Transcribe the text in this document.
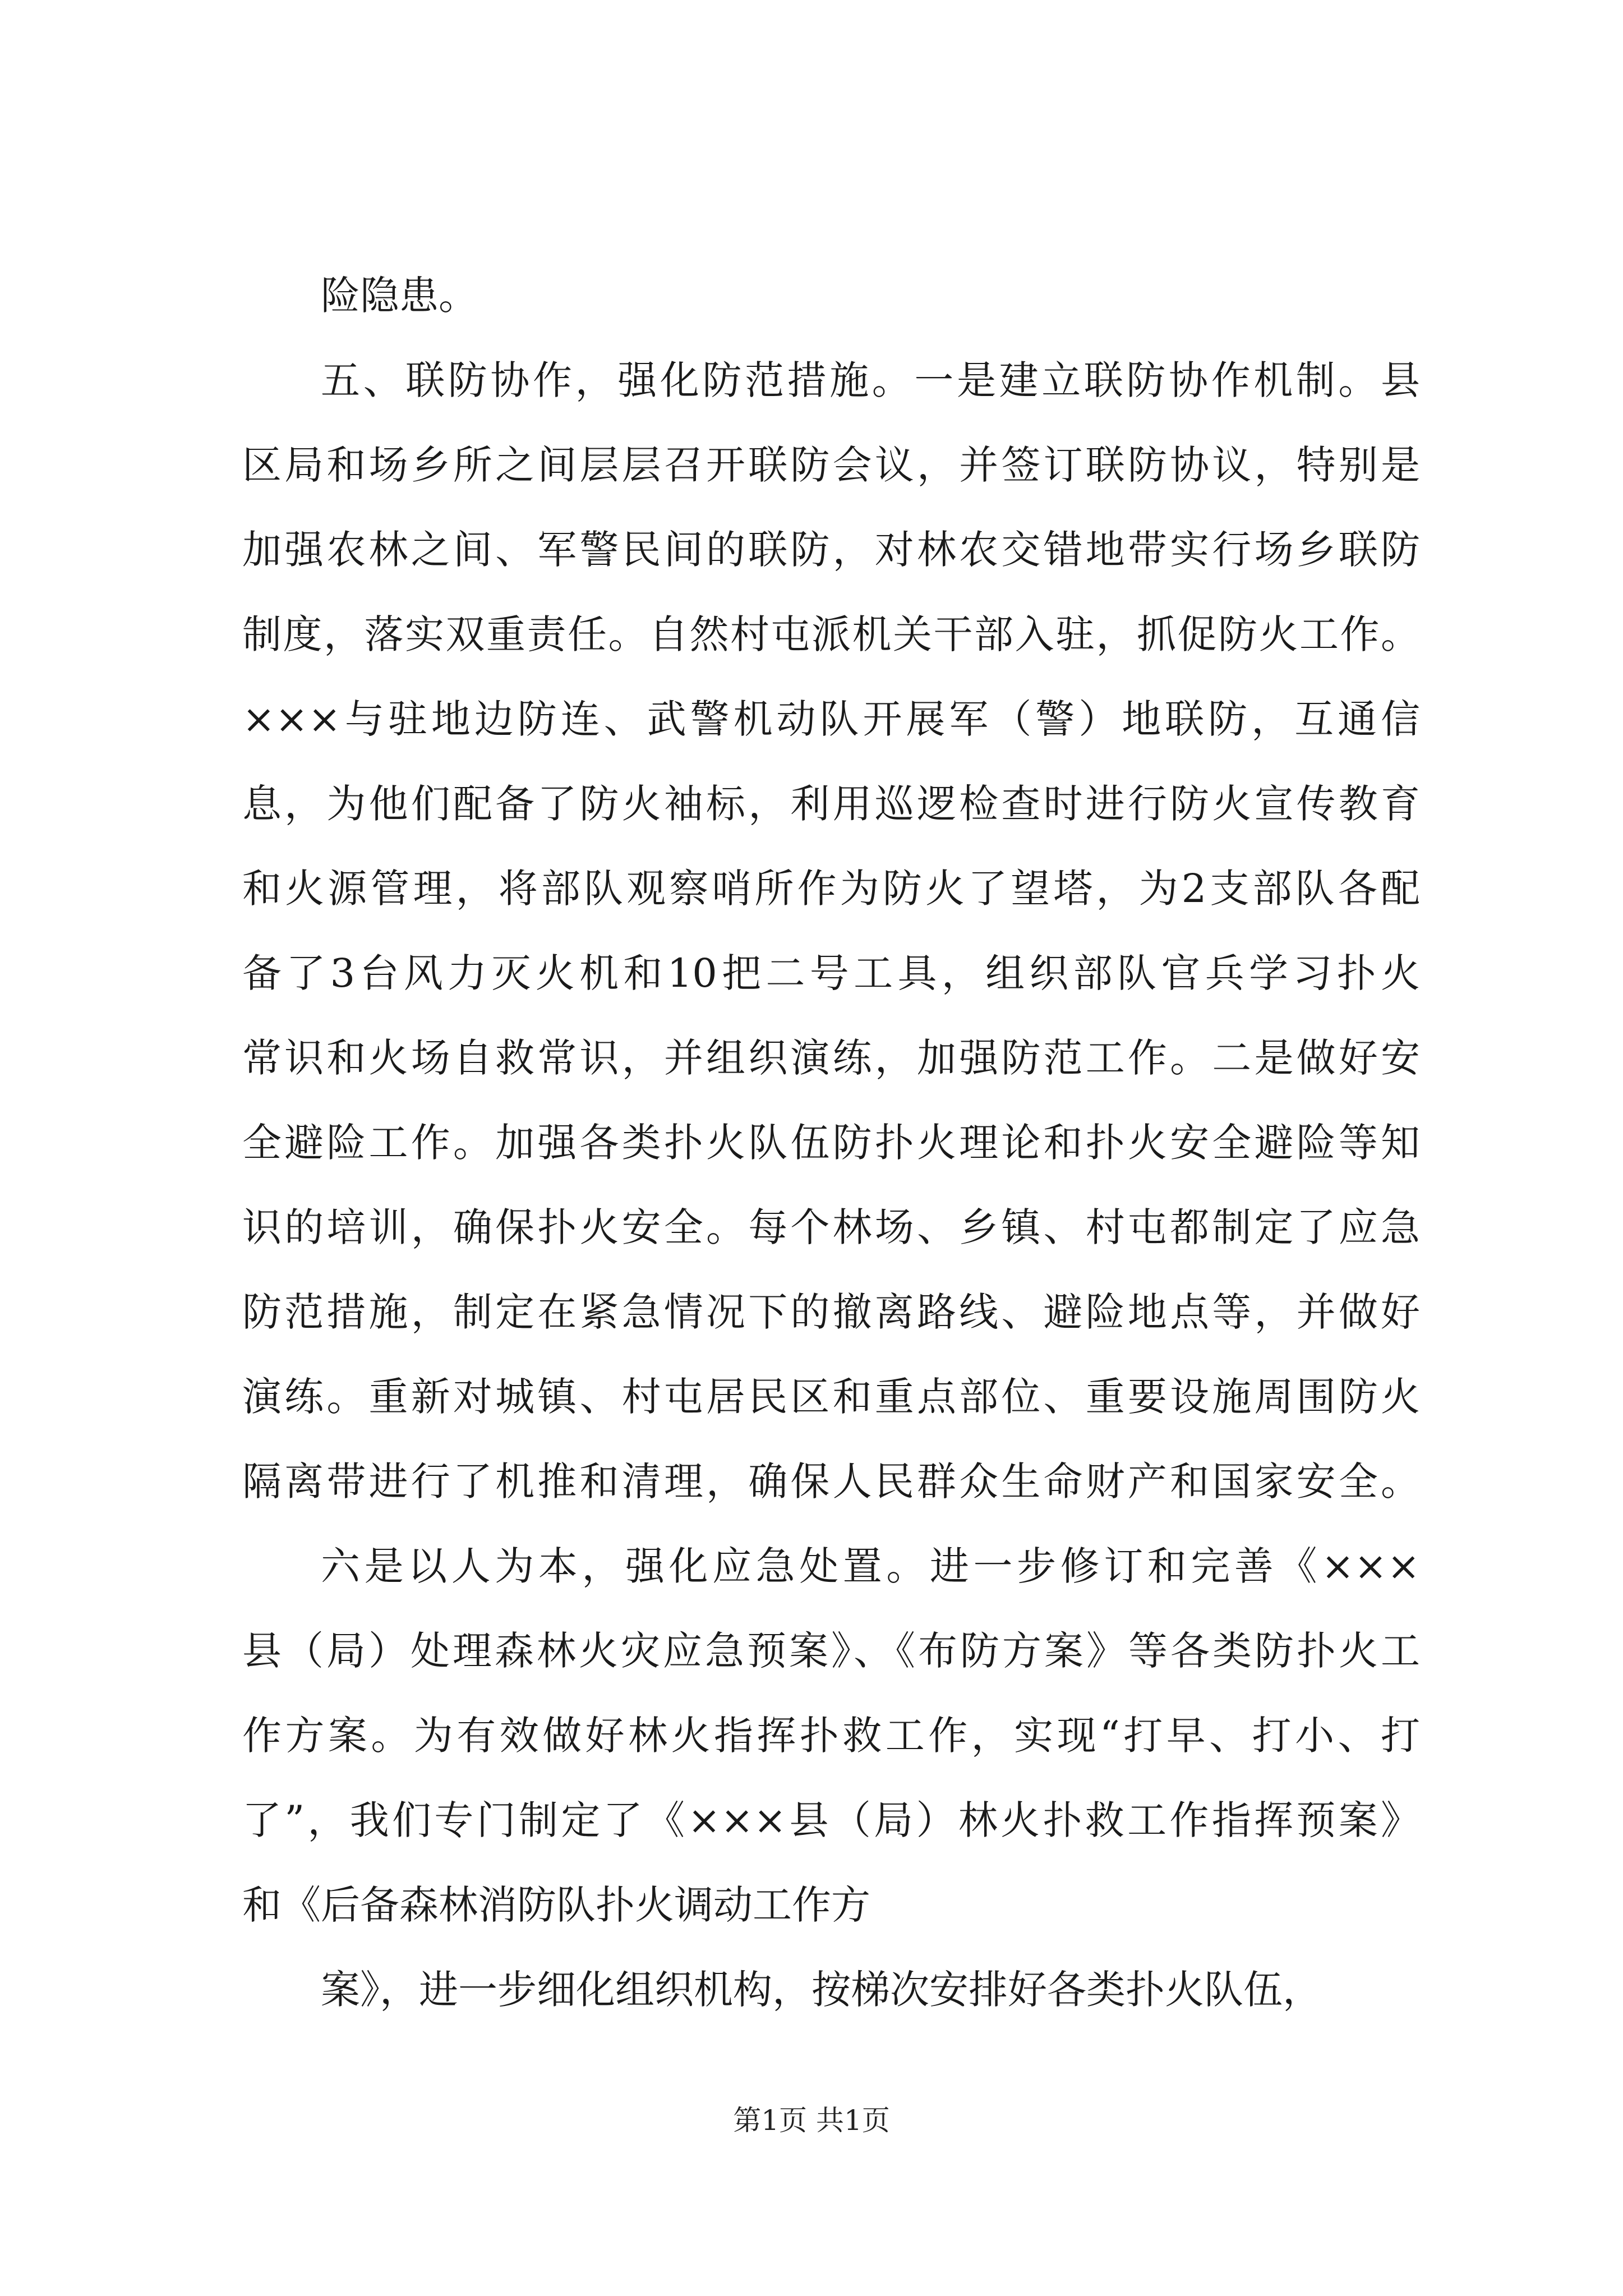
险隐患。
五、联防协作，强化防范措施。一是建立联防协作机制。县
区局和场乡所之间层层召开联防会议，并签订联防协议，特别是
加强农林之间、军警民间的联防，对林农交错地带实行场乡联防
制度，落实双重责任。自然村屯派机关干部入驻，抓促防火工作。
×××与驻地边防连、武警机动队开展军（警）地联防，互通信
息，为他们配备了防火袖标，利用巡逻检查时进行防火宣传教育
和火源管理，将部队观察哨所作为防火了望塔，为2支部队各配
备了3台风力灭火机和10把二号工具，组织部队官兵学习扑火
常识和火场自救常识，并组织演练，加强防范工作。二是做好安
全避险工作。加强各类扑火队伍防扑火理论和扑火安全避险等知
识的培训，确保扑火安全。每个林场、乡镇、村屯都制定了应急
防范措施，制定在紧急情况下的撤离路线、避险地点等，并做好
演练。重新对城镇、村屯居民区和重点部位、重要设施周围防火
隔离带进行了机推和清理，确保人民群众生命财产和国家安全。
六是以人为本，强化应急处置。进一步修订和完善《×××
县（局）处理森林火灾应急预案》、《布防方案》等各类防扑火工
作方案。为有效做好林火指挥扑救工作，实现“打早、打小、打
了”，我们专门制定了《×××县（局）林火扑救工作指挥预案》
和《后备森林消防队扑火调动工作方
案》，进一步细化组织机构，按梯次安排好各类扑火队伍，
第1页 共1页
